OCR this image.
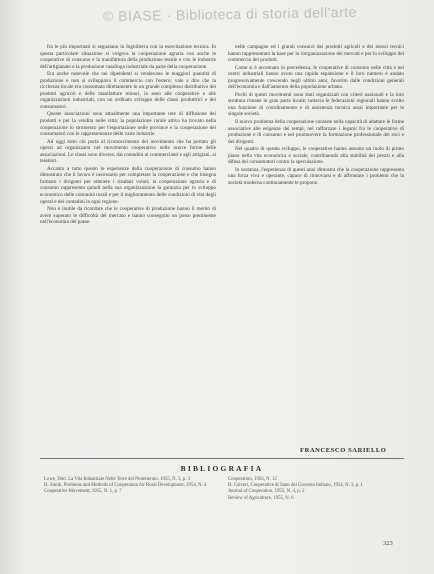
© BIASE · Biblioteca di storia dell'arte

fra le più importanti si segnalano in Inghilterra con la esercitazione tecnica. In questa particolare situazione si volgeva la cooperazione agraria con anche le cooperative di consumo e la manifattura della produzione tessile e con le industrie dell'artigianato e la produzione casalinga industriale da parte della cooperazione.

Era anche notevole che nei dipendenti si vendevano le maggiori quantità di produzione e non si sviluppava il commercio con l'estero; vale a dire che la ricchezza locale era consumata direttamente in un grande complesso distributivo dei prodotti agricoli e delle manifatture minori, in seno alle cooperative e alle organizzazioni industriali, con un ordinato sviluppo delle classi produttrici e dei consumatori.

Queste associazioni sono attualmente una importante rete di diffusione dei prodotti e per la vendita nelle città; la popolazione rurale attiva ha trovato nella cooperazione lo strumento per l'esportazione nelle province e la cooperazione dei consumatori con le rappresentanze delle varie industrie.

Ad oggi tutto ciò porta al riconoscimento del movimento che ha portato gli operai ad organizzarsi nel movimento cooperativo nelle nuove forme delle associazioni. Le classi sono diverse, dai contadini ai commercianti e agli artigiani, ai tessitori.

Accanto a tutto questo le esperienze della cooperazione di consumo hanno dimostrato che il lavoro è necessario per completare la cooperazione e che bisogna formare i dirigenti per ottenere i risultati voluti; la cooperazione agraria e di consumo rappresenta quindi nella sua organizzazione la garanzia per lo sviluppo economico delle comunità rurali e per il miglioramento delle condizioni di vita degli operai e dei contadini in ogni regione.

Non è inutile da ricordare che le cooperative di produzione hanno il merito di avere superato le difficoltà del mercato e hanno conseguito un posto preminente nell'economia del paese.

nelle campagne ed i grandi consorzi dei prodotti agricoli e dei mezzi tecnici hanno rappresentato la base per la riorganizzazione dei mercati e per lo sviluppo del commercio dei prodotti.

Come si è accennato in precedenza, le cooperative di consumo nelle città e nei centri industriali hanno avuto una rapida espansione e il loro numero è andato progressivamente crescendo negli ultimi anni, favorito dalle condizioni generali dell'economia e dall'aumento della popolazione urbana.

Pochi di questi movimenti sono stati organizzati con criteri nazionali e la loro struttura rimane in gran parte locale; tuttavia le federazioni regionali hanno svolto una funzione di coordinamento e di assistenza tecnica assai importante per le singole società.

Il nuovo problema della cooperazione consiste nella capacità di adattare le forme associative alle esigenze dei tempi, nel rafforzare i legami fra le cooperative di produzione e di consumo e nel promuovere la formazione professionale dei soci e dei dirigenti.

Nel quadro di questo sviluppo, le cooperative hanno assunto un ruolo di primo piano nella vita economica e sociale, contribuendo alla stabilità dei prezzi e alla difesa dei consumatori contro la speculazione.

In sostanza, l'esperienza di questi anni dimostra che la cooperazione rappresenta una forza viva e operante, capace di rinnovarsi e di affrontare i problemi che la società moderna continuamente le propone.

FRANCESCO SARIELLO
BIBLIOGRAFIA
Lowe, Dott. La Vita Industriale Nelle Terre del Protettorato, 1955, N. 3, p. 3
H. Smith, Problems and Methods of Cooperation for Rural Development, 1954, N. 4
Cooperative Movement, 1955, N. 1, p. 7
Cooperation, 1956, N. 12
H. Calvert, Cooperative di Stato del Governo Indiano, 1954, N. 3, p. 1
Journal of Cooperation, 1955, N. 4, p. 2
Review of Agriculture, 1955, N. 6
323
